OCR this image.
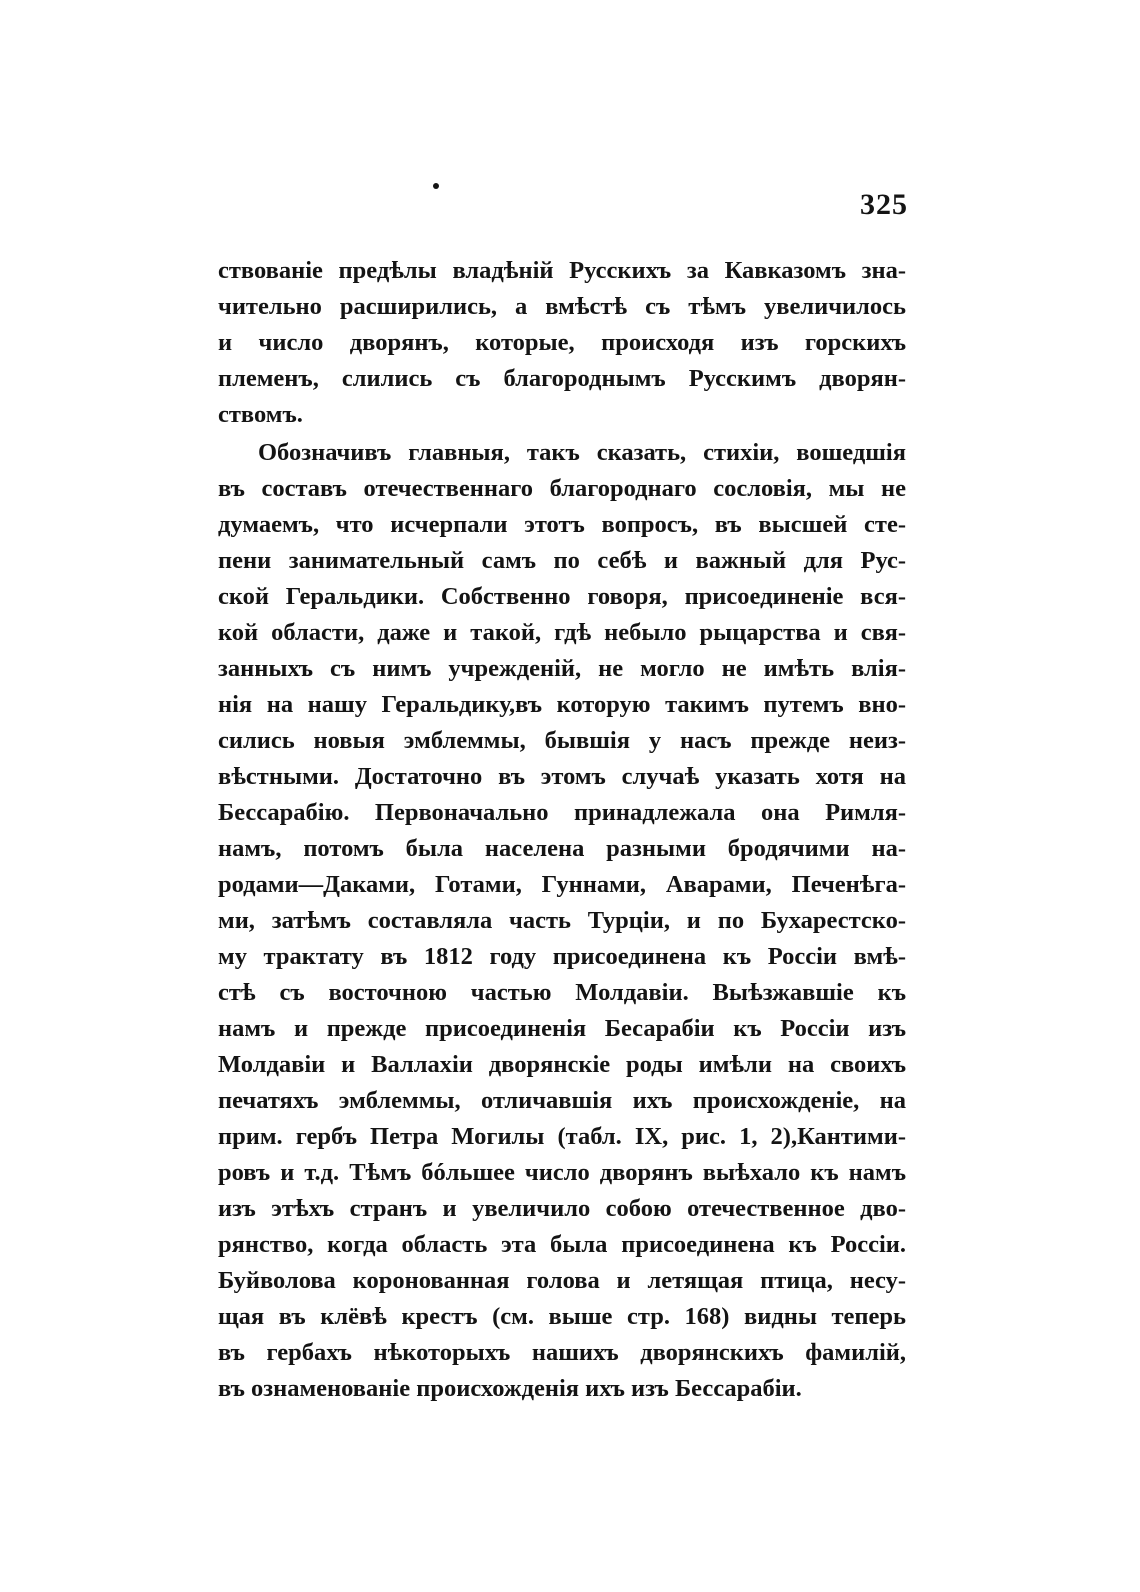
325
ствованіе предѣлы владѣній Русскихъ за Кавказомъ зна-
чительно расширились, а вмѣстѣ съ тѣмъ увеличилось
и число дворянъ, которые, происходя изъ горскихъ
племенъ, слились съ благороднымъ Русскимъ дворян-
ствомъ.
Обозначивъ главныя, такъ сказать, стихіи, вошедшія
въ составъ отечественнаго благороднаго сословія, мы не
думаемъ, что исчерпали этотъ вопросъ, въ высшей сте-
пени занимательный самъ по себѣ и важный для Рус-
ской Геральдики. Собственно говоря, присоединеніе вся-
кой области, даже и такой, гдѣ небыло рыцарства и свя-
занныхъ съ нимъ учрежденій, не могло не имѣть влія-
нія на нашу Геральдику,въ которую такимъ путемъ вно-
сились новыя эмблеммы, бывшія у насъ прежде неиз-
вѣстными. Достаточно въ этомъ случаѣ указать хотя на
Бессарабію. Первоначально принадлежала она Римля-
намъ, потомъ была населена разными бродячими на-
родами—Даками, Готами, Гуннами, Аварами, Печенѣга-
ми, затѣмъ составляла часть Турціи, и по Бухарестско-
му трактату въ 1812 году присоединена къ Россіи вмѣ-
стѣ съ восточною частью Молдавіи. Выѣзжавшіе къ
намъ и прежде присоединенія Бесарабіи къ Россіи изъ
Молдавіи и Валлахіи дворянскіе роды имѣли на своихъ
печатяхъ эмблеммы, отличавшія ихъ происхожденіе, на
прим. гербъ Петра Могилы (табл. IX, рис. 1, 2),Кантими-
ровъ и т.д. Тѣмъ бóльшее число дворянъ выѣхало къ намъ
изъ этѣхъ странъ и увеличило собою отечественное дво-
рянство, когда область эта была присоединена къ Россіи.
Буйволова коронованная голова и летящая птица, несу-
щая въ клёвѣ крестъ (см. выше стр. 168) видны теперь
въ гербахъ нѣкоторыхъ нашихъ дворянскихъ фамилій,
въ ознаменованіе происхожденія ихъ изъ Бессарабіи.
